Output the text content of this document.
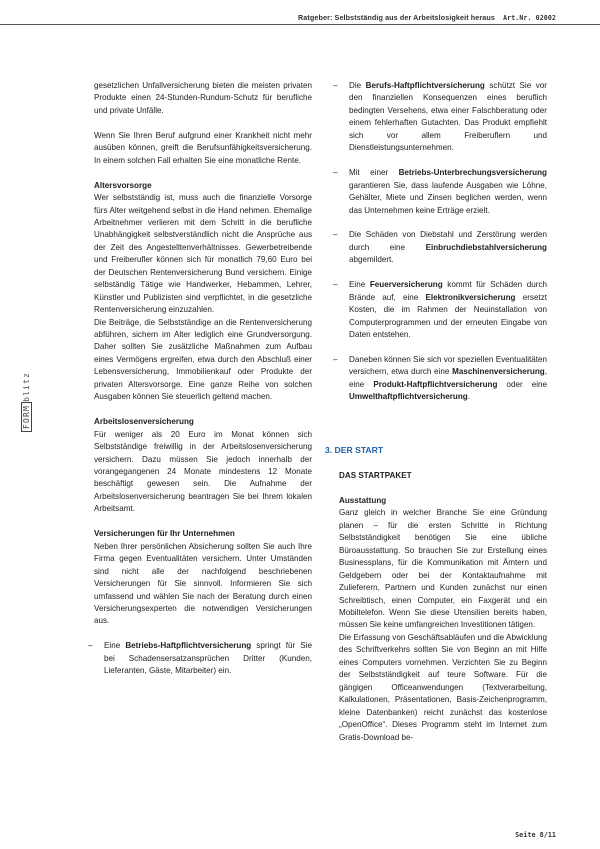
Ratgeber: Selbstständig aus der Arbeitslosigkeit heraus Art.Nr. 02002
FORMblitz

gesetzlichen Unfallversicherung bieten die meisten privaten Produkte einen 24-Stunden-Rundum-Schutz für berufliche und private Unfälle.

Wenn Sie Ihren Beruf aufgrund einer Krankheit nicht mehr ausüben können, greift die Berufsunfähigkeitsversicherung. In einem solchen Fall erhalten Sie eine monatliche Rente.

Altersvorsorge

Wer selbstständig ist, muss auch die finanzielle Vorsorge fürs Alter weitgehend selbst in die Hand nehmen. Ehemalige Arbeitnehmer verlieren mit dem Schritt in die berufliche Unabhängigkeit selbstverständlich nicht die Ansprüche aus der Zeit des Angestelltenverhältnisses. Gewerbetreibende und Freiberufler können sich für monatlich 79,60 Euro bei der Deutschen Rentenversicherung Bund versichern. Einige selbständig Tätige wie Handwerker, Hebammen, Lehrer, Künstler und Publizisten sind verpflichtet, in die gesetzliche Rentenversicherung einzuzahlen.

Die Beiträge, die Selbstständige an die Rentenversicherung abführen, sichern im Alter lediglich eine Grundversorgung. Daher sollten Sie zusätzliche Maßnahmen zum Aufbau eines Vermögens ergreifen, etwa durch den Abschluß einer Lebensversicherung, Immobilienkauf oder Produkte der privaten Altersvorsorge. Eine ganze Reihe von solchen Ausgaben können Sie steuerlich geltend machen.

Arbeitslosenversicherung

Für weniger als 20 Euro im Monat können sich Selbstständige freiwillig in der Arbeitslosenversicherung versichern. Dazu müssen Sie jedoch innerhalb der vorangegangenen 24 Monate mindestens 12 Monate beschäftigt gewesen sein. Die Aufnahme der Arbeitslosenversicherung beantragen Sie bei Ihrem lokalen Arbeitsamt.

Versicherungen für Ihr Unternehmen

Neben Ihrer persönlichen Absicherung sollten Sie auch Ihre Firma gegen Eventualitäten versichern. Unter Umständen sind nicht alle der nachfolgend beschriebenen Versicherungen für Sie sinnvoll. Informieren Sie sich umfassend und wählen Sie nach der Beratung durch einen Versicherungsexperten die notwendigen Versicherungen aus.

– Eine Betriebs-Haftpflichtversicherung springt für Sie bei Schadensersatzansprüchen Dritter (Kunden, Lieferanten, Gäste, Mitarbeiter) ein.

– Die Berufs-Haftpflichtversicherung schützt Sie vor den finanziellen Konsequenzen eines beruflich bedingten Versehens, etwa einer Falschberatung oder einem fehlerhaften Gutachten. Das Produkt empfiehlt sich vor allem Freiberuflern und Dienstleistungsunternehmen.

– Mit einer Betriebs-Unterbrechungsversicherung garantieren Sie, dass laufende Ausgaben wie Löhne, Gehälter, Miete und Zinsen beglichen werden, wenn das Unternehmen keine Erträge erzielt.

– Die Schäden von Diebstahl und Zerstörung werden durch eine Einbruchdiebstahlversicherung abgemildert.

– Eine Feuerversicherung kommt für Schäden durch Brände auf, eine Elektronikversicherung ersetzt Kosten, die im Rahmen der Neuinstallation von Computerprogrammen und der erneuten Eingabe von Daten entstehen.

– Daneben können Sie sich vor speziellen Eventualitäten versichern, etwa durch eine Maschinenversicherung, eine Produkt-Haftpflichtversicherung oder eine Umwelthaftpflichtversicherung.

3. DER START

DAS STARTPAKET

Ausstattung

Ganz gleich in welcher Branche Sie eine Gründung planen – für die ersten Schritte in Richtung Selbstständigkeit benötigen Sie eine übliche Büroausstattung. So brauchen Sie zur Erstellung eines Businessplans, für die Kommunikation mit Ämtern und Geldgebern oder bei der Kontaktaufnahme mit Zulieferern, Partnern und Kunden zunächst nur einen Schreibtisch, einen Computer, ein Faxgerät und ein Mobiltelefon. Wenn Sie diese Utensilien bereits haben, müssen Sie keine umfangreichen Investitionen tätigen.

Die Erfassung von Geschäftsabläufen und die Abwicklung des Schriftverkehrs sollten Sie von Beginn an mit Hilfe eines Computers vornehmen. Verzichten Sie zu Beginn der Selbstständigkeit auf teure Software. Für die gängigen Officeanwendungen (Textverarbeitung, Kalkulationen, Präsentationen, Basis-Zeichenprogramm, kleine Datenbanken) reicht zunächst das kostenlose „OpenOffice“. Dieses Programm steht im Internet zum Gratis-Download be-

Seite 8/11
